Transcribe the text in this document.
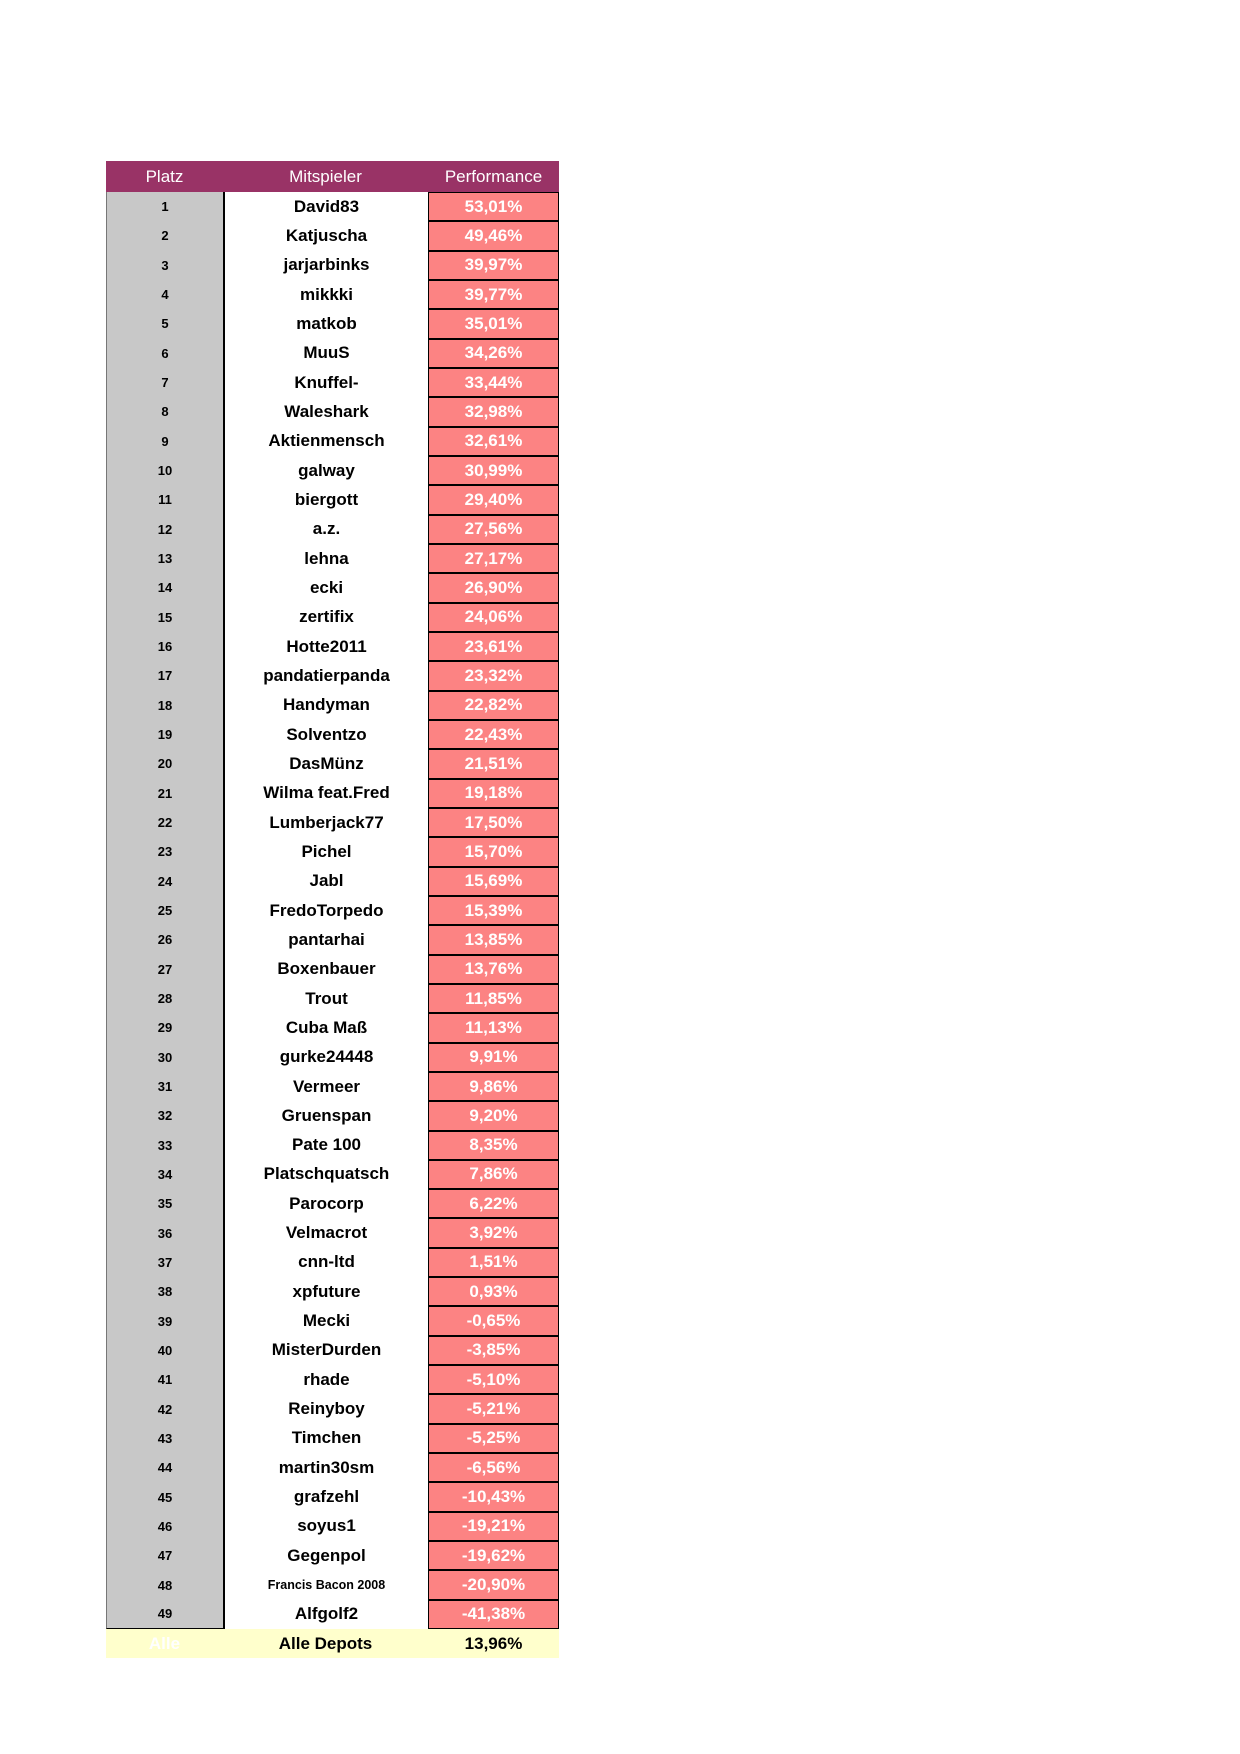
Platz	Mitspieler	Performance
1	David83	53,01%
2	Katjuscha	49,46%
3	jarjarbinks	39,97%
4	mikkki	39,77%
5	matkob	35,01%
6	MuuS	34,26%
7	Knuffel-	33,44%
8	Waleshark	32,98%
9	Aktienmensch	32,61%
10	galway	30,99%
11	biergott	29,40%
12	a.z.	27,56%
13	lehna	27,17%
14	ecki	26,90%
15	zertifix	24,06%
16	Hotte2011	23,61%
17	pandatierpanda	23,32%
18	Handyman	22,82%
19	Solventzo	22,43%
20	DasMünz	21,51%
21	Wilma feat.Fred	19,18%
22	Lumberjack77	17,50%
23	Pichel	15,70%
24	Jabl	15,69%
25	FredoTorpedo	15,39%
26	pantarhai	13,85%
27	Boxenbauer	13,76%
28	Trout	11,85%
29	Cuba Maß	11,13%
30	gurke24448	9,91%
31	Vermeer	9,86%
32	Gruenspan	9,20%
33	Pate 100	8,35%
34	Platschquatsch	7,86%
35	Parocorp	6,22%
36	Velmacrot	3,92%
37	cnn-ltd	1,51%
38	xpfuture	0,93%
39	Mecki	-0,65%
40	MisterDurden	-3,85%
41	rhade	-5,10%
42	Reinyboy	-5,21%
43	Timchen	-5,25%
44	martin30sm	-6,56%
45	grafzehl	-10,43%
46	soyus1	-19,21%
47	Gegenpol	-19,62%
48	Francis Bacon 2008	-20,90%
49	Alfgolf2	-41,38%
Alle	Alle Depots	13,96%
